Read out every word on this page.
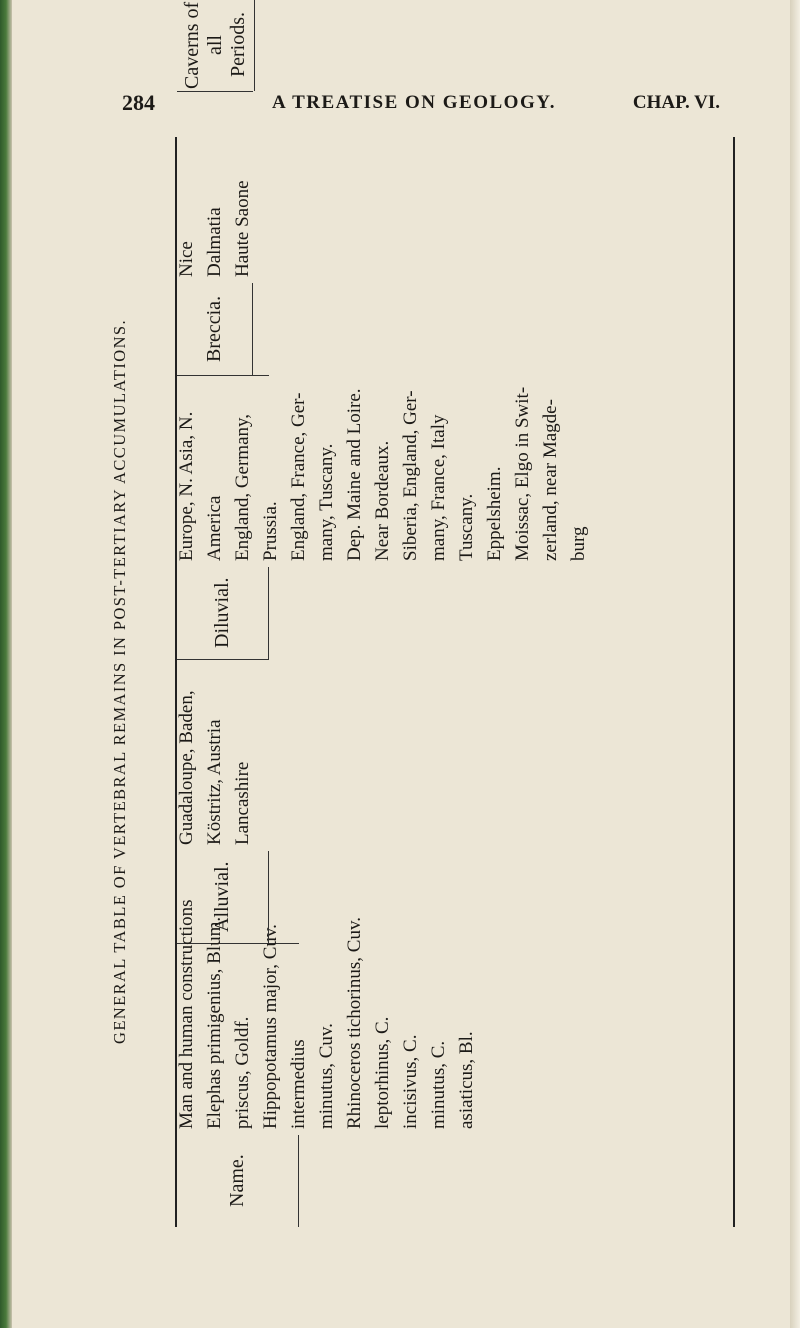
284	A TREATISE ON GEOLOGY.	CHAP. VI.
GENERAL TABLE OF VERTEBRAL REMAINS IN POST-TERTIARY ACCUMULATIONS.
Name.
Man and human constructions Elephas primigenius, Blum. priscus, Goldf. Hippopotamus major, Cuv. intermedius minutus, Cuv. Rhinoceros tichorinus, Cuv. leptorhinus, C. incisivus, C. minutus, C. asiaticus, Bl.
Alluvial.
Guadaloupe, Baden, Köstritz, Austria Lancashire
Diluvial.
Europe, N. Asia, N. America England, Germany, Prussia. England, France, Ger- many, Tuscany. Dep. Maine and Loire. Near Bordeaux. Siberia, England, Ger- many, France, Italy Tuscany. Eppelsheim. Moissac, Elgo in Swit- zerland, near Magde- burg
Breccia.
Nice Dalmatia Haute Saone
Caverns of all Periods.
